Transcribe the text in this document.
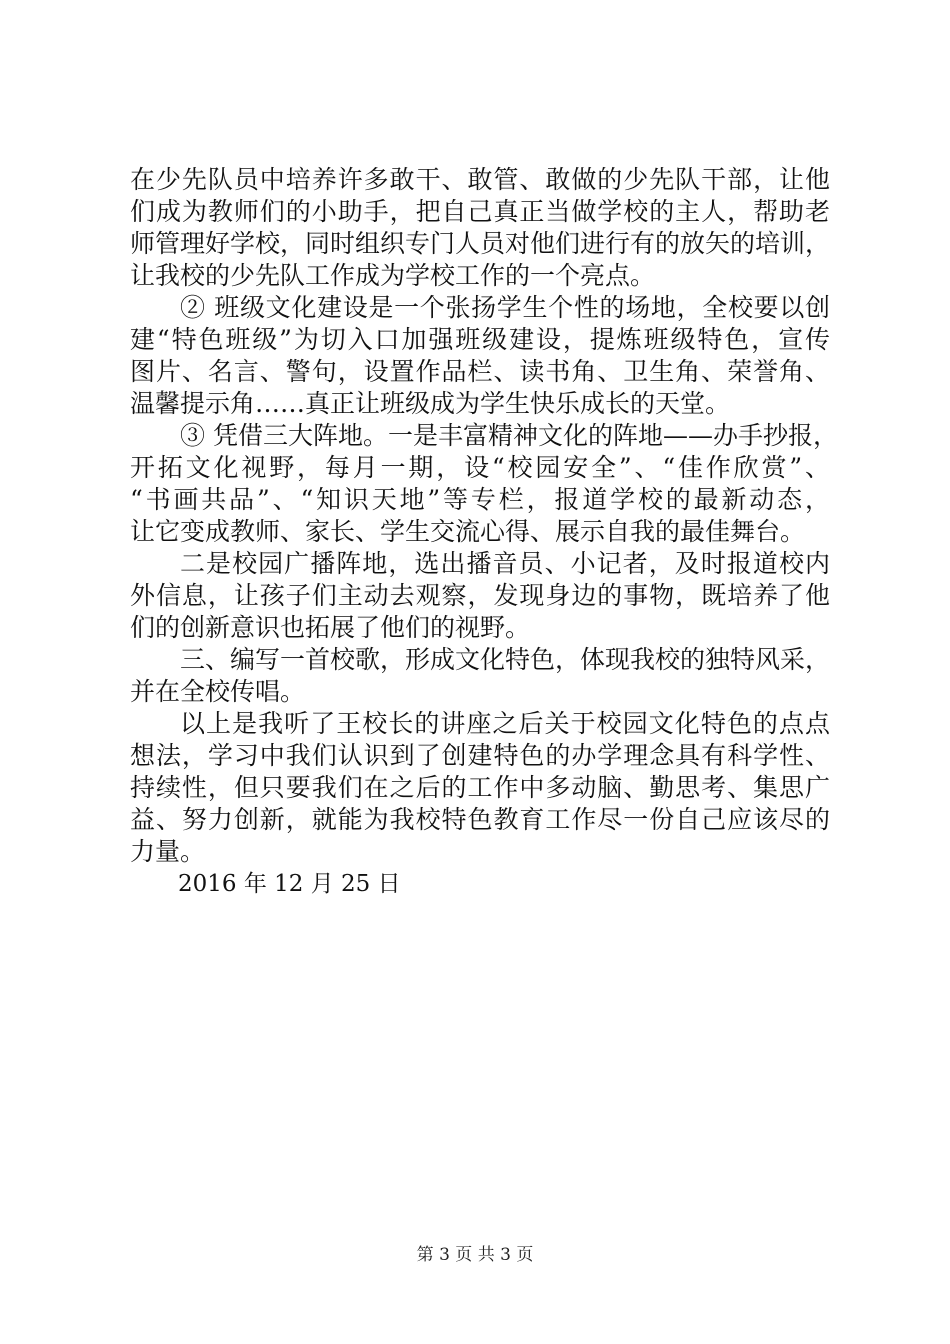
在少先队员中培养许多敢干、敢管、敢做的少先队干部，让他
们成为教师们的小助手，把自己真正当做学校的主人，帮助老
师管理好学校，同时组织专门人员对他们进行有的放矢的培训，
让我校的少先队工作成为学校工作的一个亮点。
② 班级文化建设是一个张扬学生个性的场地，全校要以创
建“特色班级”为切入口加强班级建设，提炼班级特色，宣传
图片、名言、警句，设置作品栏、读书角、卫生角、荣誉角、
温馨提示角……真正让班级成为学生快乐成长的天堂。
③ 凭借三大阵地。一是丰富精神文化的阵地——办手抄报，
开拓文化视野，每月一期，设“校园安全”、“佳作欣赏”、
“书画共品”、“知识天地”等专栏，报道学校的最新动态，
让它变成教师、家长、学生交流心得、展示自我的最佳舞台。
二是校园广播阵地，选出播音员、小记者，及时报道校内
外信息，让孩子们主动去观察，发现身边的事物，既培养了他
们的创新意识也拓展了他们的视野。
三、编写一首校歌，形成文化特色，体现我校的独特风采，
并在全校传唱。
以上是我听了王校长的讲座之后关于校园文化特色的点点
想法，学习中我们认识到了创建特色的办学理念具有科学性、
持续性，但只要我们在之后的工作中多动脑、勤思考、集思广
益、努力创新，就能为我校特色教育工作尽一份自己应该尽的
力量。
2016 年 12 月 25 日
第 3 页 共 3 页
